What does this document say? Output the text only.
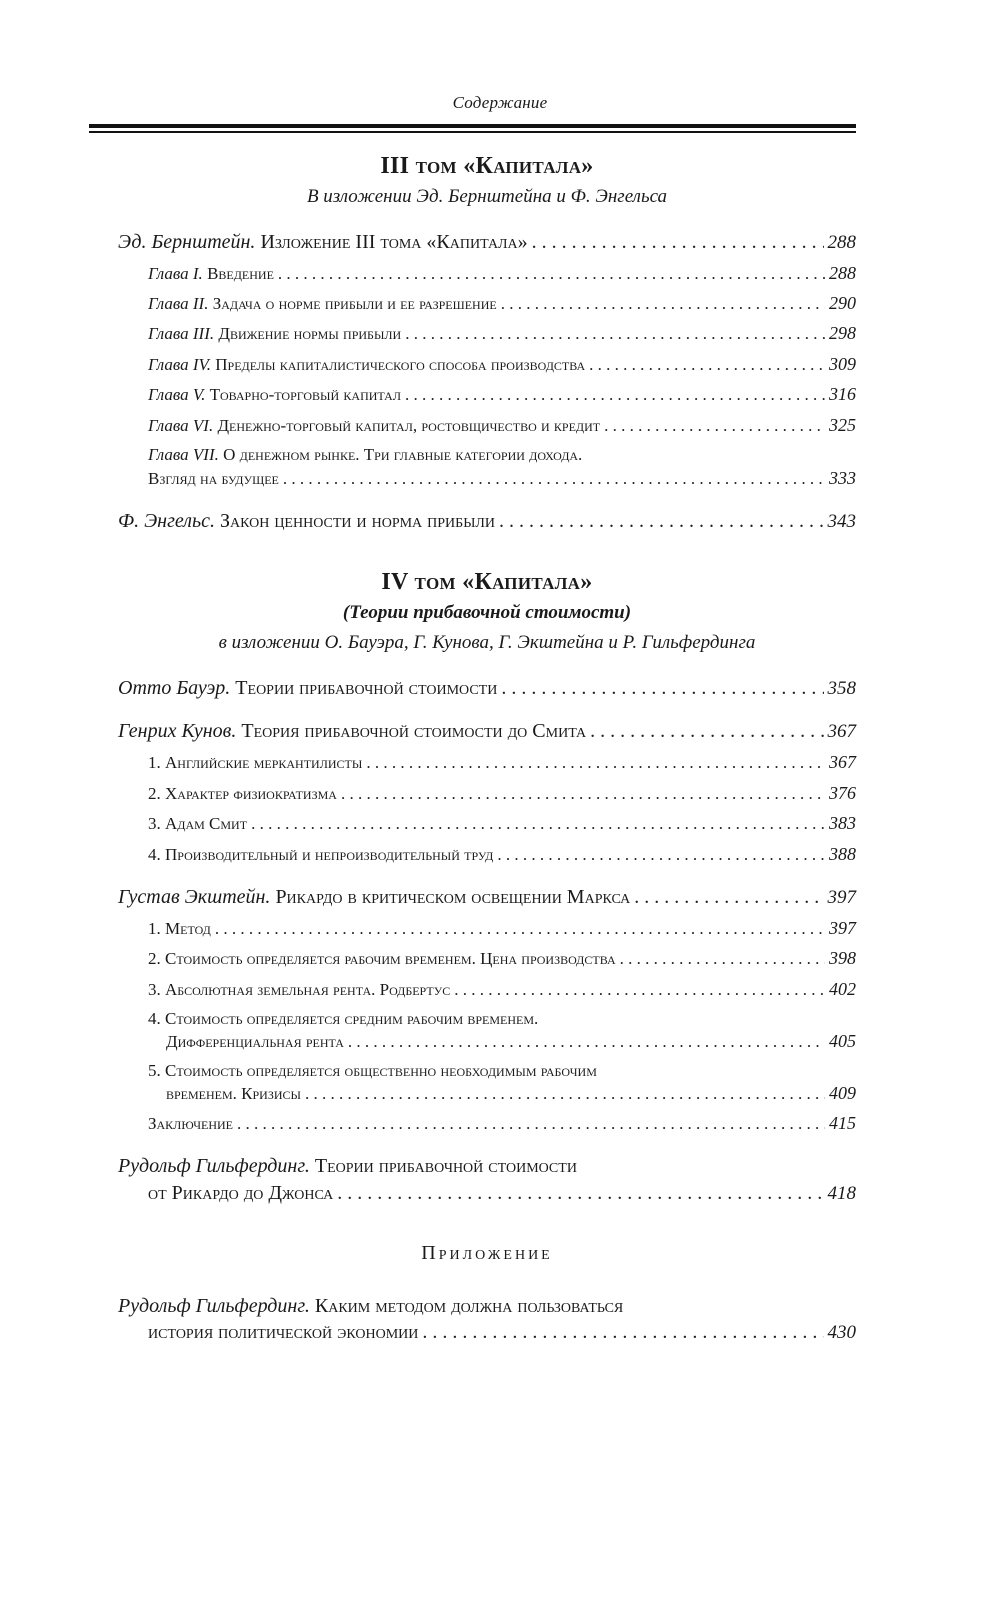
Содержание
III том «Капитала»
В изложении Эд. Бернштейна и Ф. Энгельса
Эд. Бернштейн. Изложение III тома «Капитала» . . .	288
Глава I. Введение . . .	288
Глава II. Задача о норме прибыли и ее разрешение . . .	290
Глава III. Движение нормы прибыли . . .	298
Глава IV. Пределы капиталистического способа производства . . .	309
Глава V. Товарно-торговый капитал . . .	316
Глава VI. Денежно-торговый капитал, ростовщичество и кредит . . .	325
Глава VII. О денежном рынке. Три главные категории дохода.
Взгляд на будущее . . .	333
Ф. Энгельс. Закон ценности и норма прибыли . . .	343
IV том «Капитала»
(Теории прибавочной стоимости)
в изложении О. Бауэра, Г. Кунова, Г. Экштейна и Р. Гильфердинга
Отто Бауэр. Теории прибавочной стоимости . . .	358
Генрих Кунов. Теория прибавочной стоимости до Смита . . .	367
1. Английские меркантилисты . . .	367
2. Характер физиократизма . . .	376
3. Адам Смит . . .	383
4. Производительный и непроизводительный труд . . .	388
Густав Экштейн. Рикардо в критическом освещении Маркса . . .	397
1. Метод . . .	397
2. Стоимость определяется рабочим временем. Цена производства . . .	398
3. Абсолютная земельная рента. Родбертус . . .	402
4. Стоимость определяется средним рабочим временем.
Дифференциальная рента . . .	405
5. Стоимость определяется общественно необходимым рабочим
временем. Кризисы . . .	409
Заключение . . .	415
Рудольф Гильфердинг. Теории прибавочной стоимости
от Рикардо до Джонса . . .	418
Приложение
Рудольф Гильфердинг. Каким методом должна пользоваться
история политической экономии . . .	430
